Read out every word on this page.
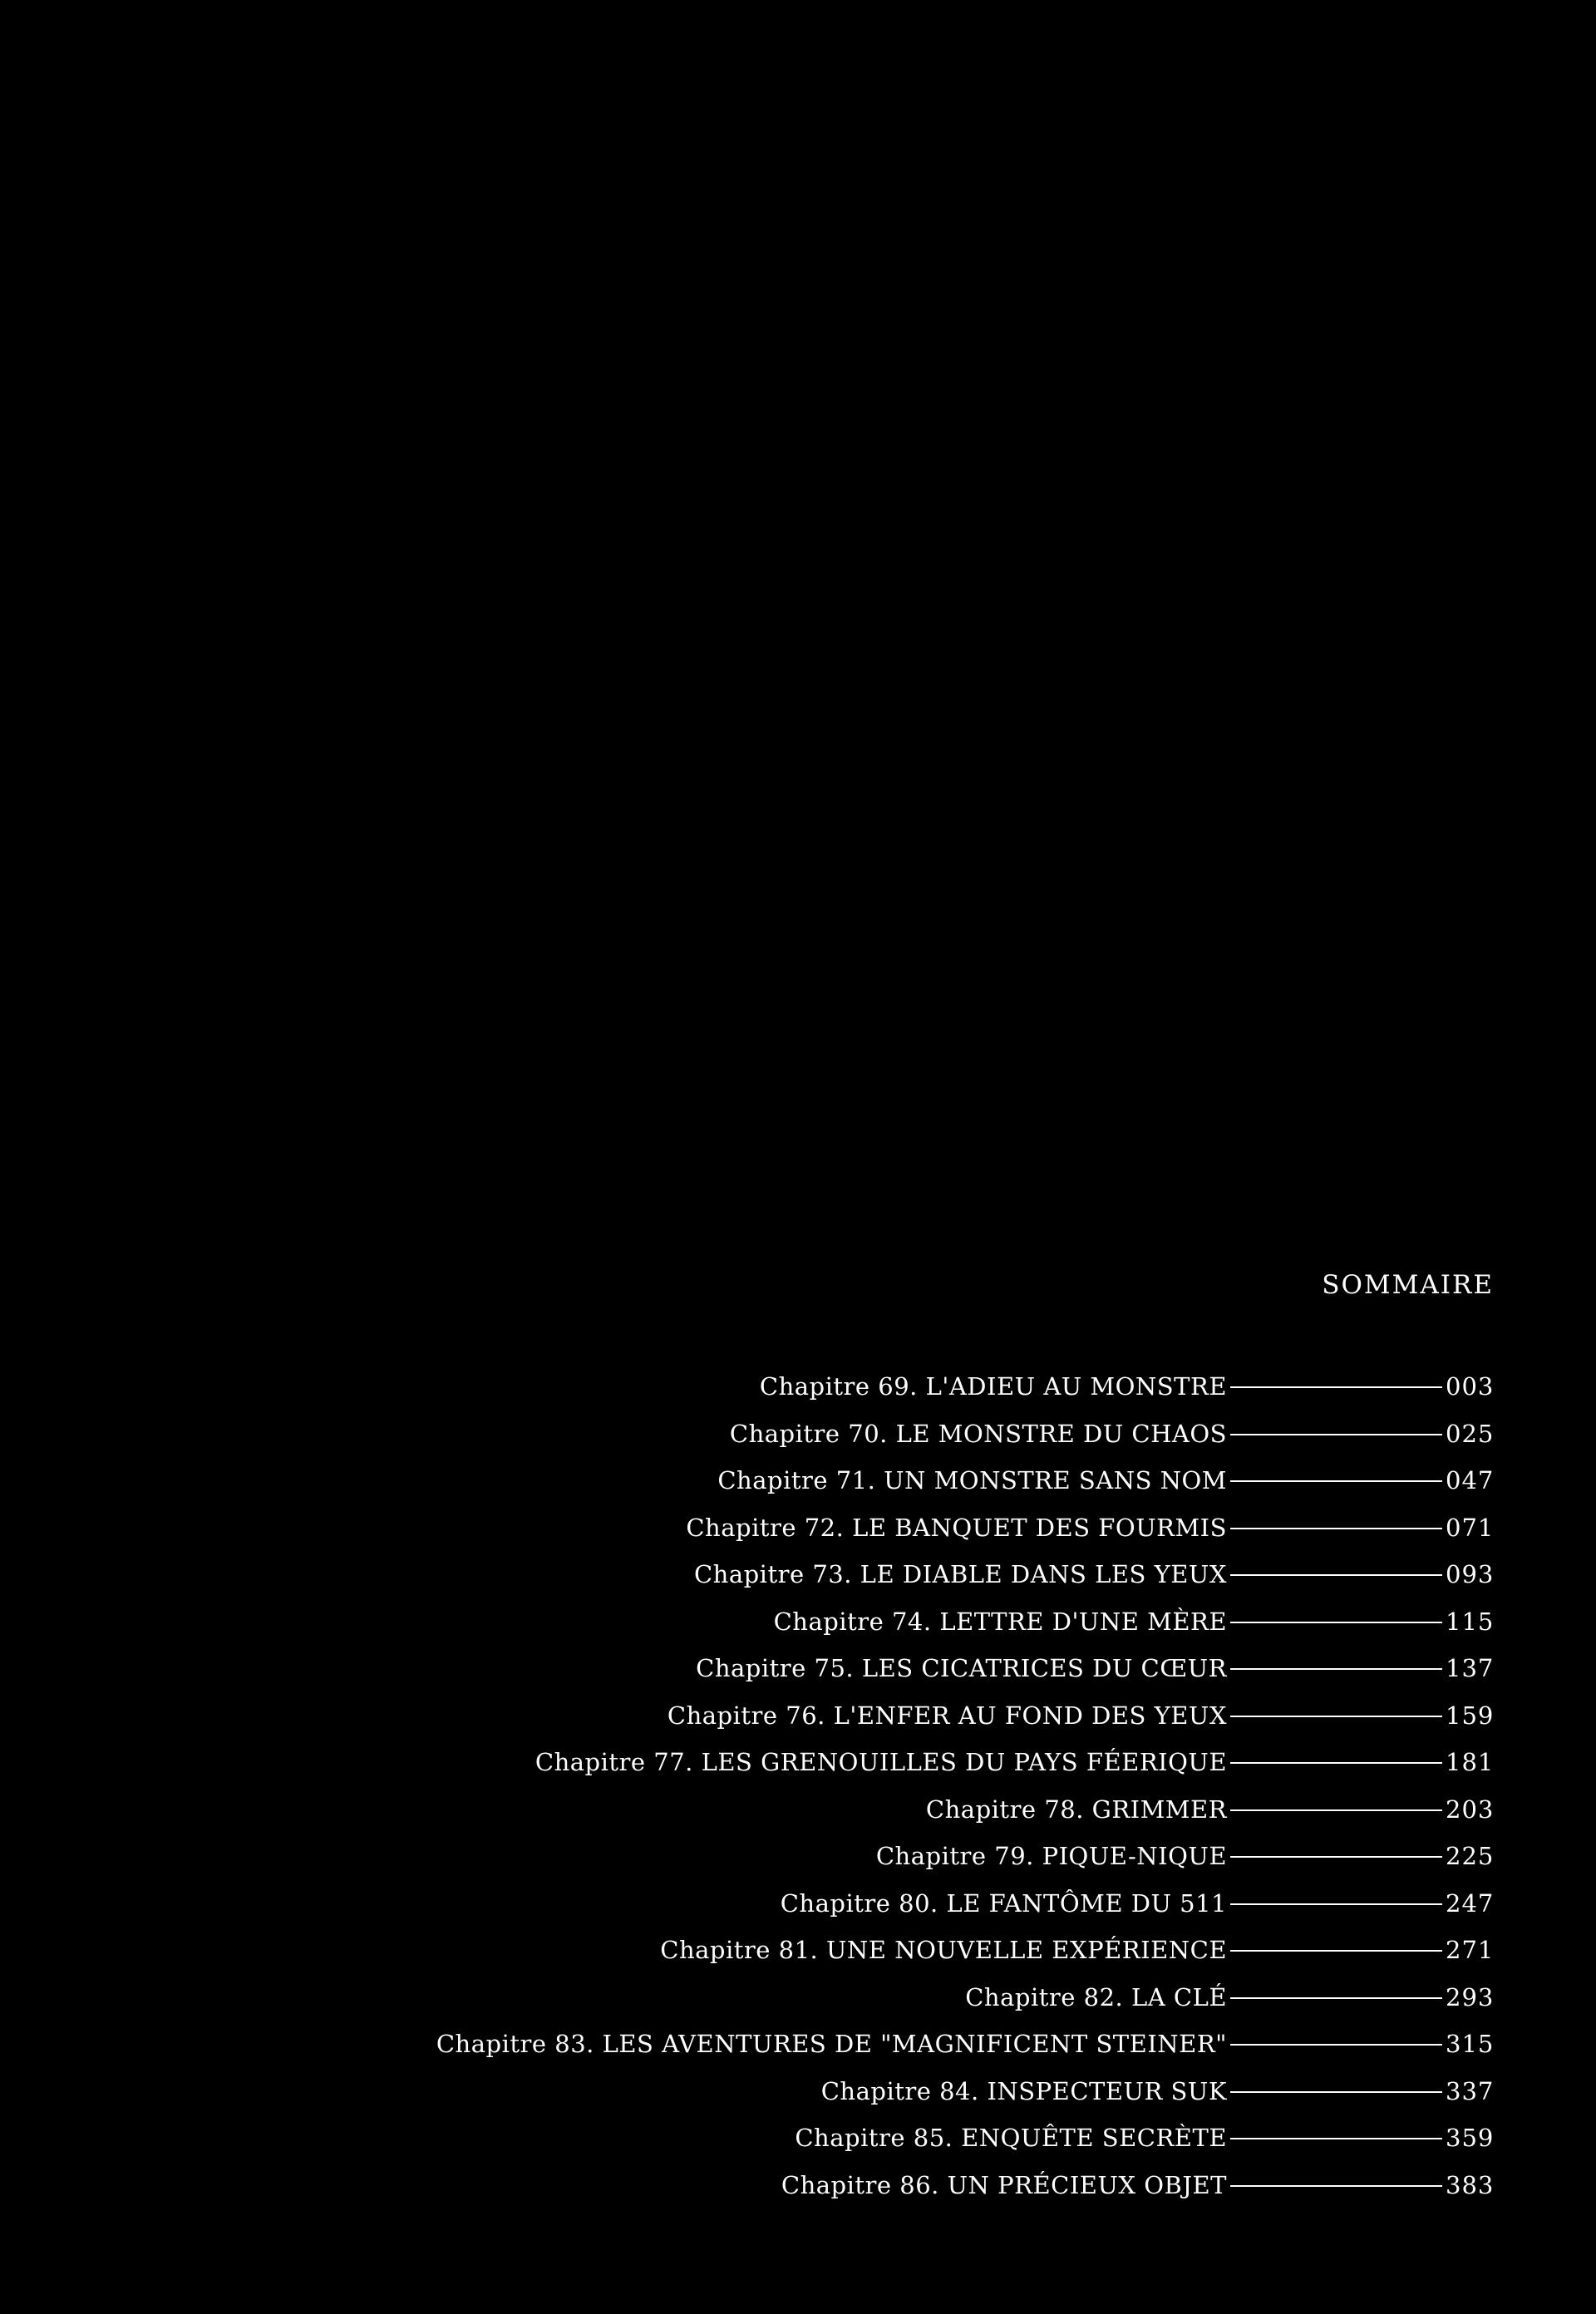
SOMMAIRE
Chapitre 69. L'ADIEU AU MONSTRE	003
Chapitre 70. LE MONSTRE DU CHAOS	025
Chapitre 71. UN MONSTRE SANS NOM	047
Chapitre 72. LE BANQUET DES FOURMIS	071
Chapitre 73. LE DIABLE DANS LES YEUX	093
Chapitre 74. LETTRE D'UNE MÈRE	115
Chapitre 75. LES CICATRICES DU CŒUR	137
Chapitre 76. L'ENFER AU FOND DES YEUX	159
Chapitre 77. LES GRENOUILLES DU PAYS FÉERIQUE	181
Chapitre 78. GRIMMER	203
Chapitre 79. PIQUE-NIQUE	225
Chapitre 80. LE FANTÔME DU 511	247
Chapitre 81. UNE NOUVELLE EXPÉRIENCE	271
Chapitre 82. LA CLÉ	293
Chapitre 83. LES AVENTURES DE "MAGNIFICENT STEINER"	315
Chapitre 84. INSPECTEUR SUK	337
Chapitre 85. ENQUÊTE SECRÈTE	359
Chapitre 86. UN PRÉCIEUX OBJET	383
